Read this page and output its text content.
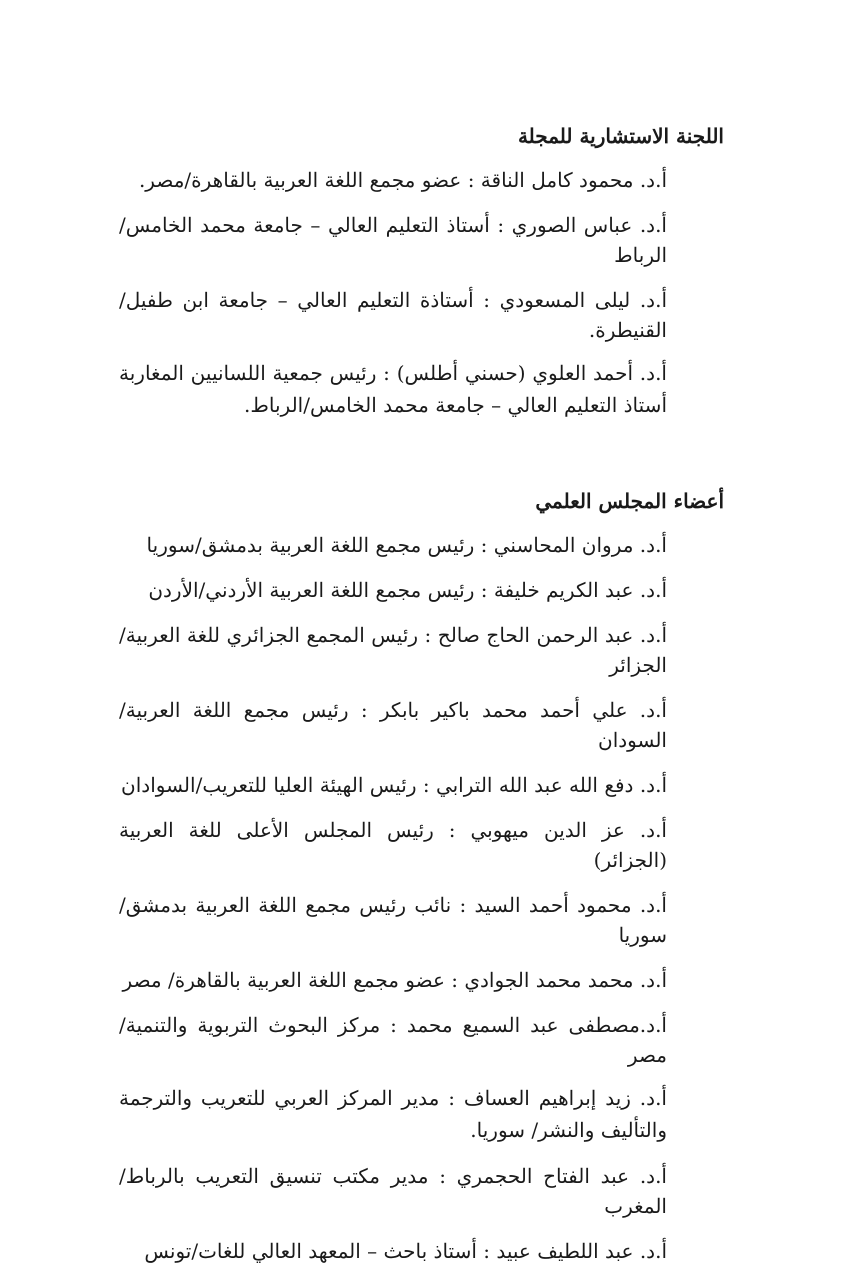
اللجنة الاستشارية للمجلة
أ.د. محمود كامل الناقة : عضو مجمع اللغة العربية بالقاهرة/مصر.
أ.د. عباس الصوري : أستاذ التعليم العالي – جامعة محمد الخامس/الرباط
أ.د. ليلى المسعودي : أستاذة التعليم العالي – جامعة ابن طفيل/القنيطرة.
أ.د. أحمد العلوي (حسني أطلس) : رئيس جمعية اللسانيين المغاربة أستاذ التعليم العالي – جامعة محمد الخامس/الرباط.
أعضاء المجلس العلمي
أ.د. مروان المحاسني : رئيس مجمع اللغة العربية بدمشق/سوريا
أ.د. عبد الكريم خليفة : رئيس مجمع اللغة العربية الأردني/الأردن
أ.د. عبد الرحمن الحاج صالح : رئيس المجمع الجزائري للغة العربية/الجزائر
أ.د. علي أحمد محمد باكير بابكر : رئيس مجمع اللغة العربية/السودان
أ.د. دفع الله عبد الله الترابي : رئيس الهيئة العليا للتعريب/السوادان
أ.د. عز الدين ميهوبي : رئيس المجلس الأعلى للغة العربية (الجزائر)
أ.د. محمود أحمد السيد : نائب رئيس مجمع اللغة العربية بدمشق/سوريا
أ.د. محمد محمد الجوادي : عضو مجمع اللغة العربية بالقاهرة/ مصر
أ.د.مصطفى عبد السميع محمد : مركز البحوث التربوية والتنمية/مصر
أ.د. زيد إبراهيم العساف : مدير المركز العربي للتعريب والترجمة والتأليف والنشر/ سوريا.
أ.د. عبد الفتاح الحجمري : مدير مكتب تنسيق التعريب بالرباط/المغرب
أ.د. عبد اللطيف عبيد : أستاذ باحث – المعهد العالي للغات/تونس
